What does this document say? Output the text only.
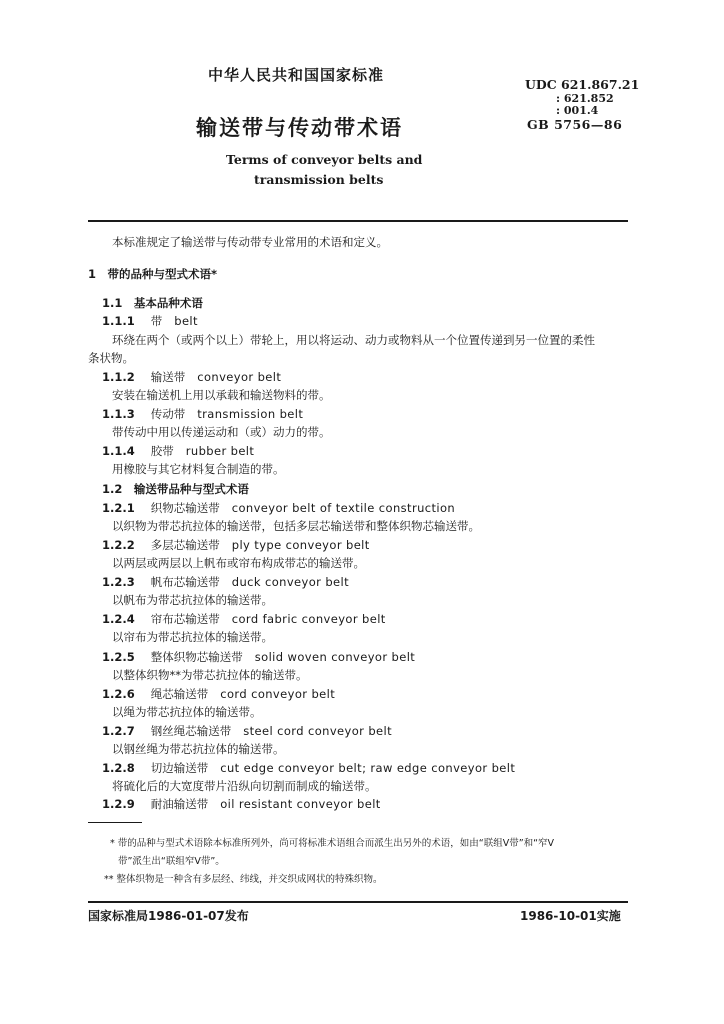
中华人民共和国国家标准
UDC 621.867.21
: 621.852
: 001.4
GB 5756—86
输送带与传动带术语
Terms of conveyor belts and
transmission belts
本标准规定了输送带与传动带专业常用的术语和定义。
1　带的品种与型式术语*
1.1　基本品种术语
1.1.1 带 belt
环绕在两个（或两个以上）带轮上，用以将运动、动力或物料从一个位置传递到另一位置的柔性
条状物。
1.1.2 输送带 conveyor belt
安装在输送机上用以承载和输送物料的带。
1.1.3 传动带 transmission belt
带传动中用以传递运动和（或）动力的带。
1.1.4 胶带 rubber belt
用橡胶与其它材料复合制造的带。
1.2　输送带品种与型式术语
1.2.1 织物芯输送带 conveyor belt of textile construction
以织物为带芯抗拉体的输送带，包括多层芯输送带和整体织物芯输送带。
1.2.2 多层芯输送带 ply type conveyor belt
以两层或两层以上帆布或帘布构成带芯的输送带。
1.2.3 帆布芯输送带 duck conveyor belt
以帆布为带芯抗拉体的输送带。
1.2.4 帘布芯输送带 cord fabric conveyor belt
以帘布为带芯抗拉体的输送带。
1.2.5 整体织物芯输送带 solid woven conveyor belt
以整体织物**为带芯抗拉体的输送带。
1.2.6 绳芯输送带 cord conveyor belt
以绳为带芯抗拉体的输送带。
1.2.7 钢丝绳芯输送带 steel cord conveyor belt
以钢丝绳为带芯抗拉体的输送带。
1.2.8 切边输送带 cut edge conveyor belt; raw edge conveyor belt
将硫化后的大宽度带片沿纵向切割而制成的输送带。
1.2.9 耐油输送带 oil resistant conveyor belt
* 带的品种与型式术语除本标准所列外，尚可将标准术语组合而派生出另外的术语，如由“联组V带”和“窄V
带”派生出“联组窄V带”。
** 整体织物是一种含有多层经、纬线，并交织成网状的特殊织物。
国家标准局1986-01-07发布	1986-10-01实施
